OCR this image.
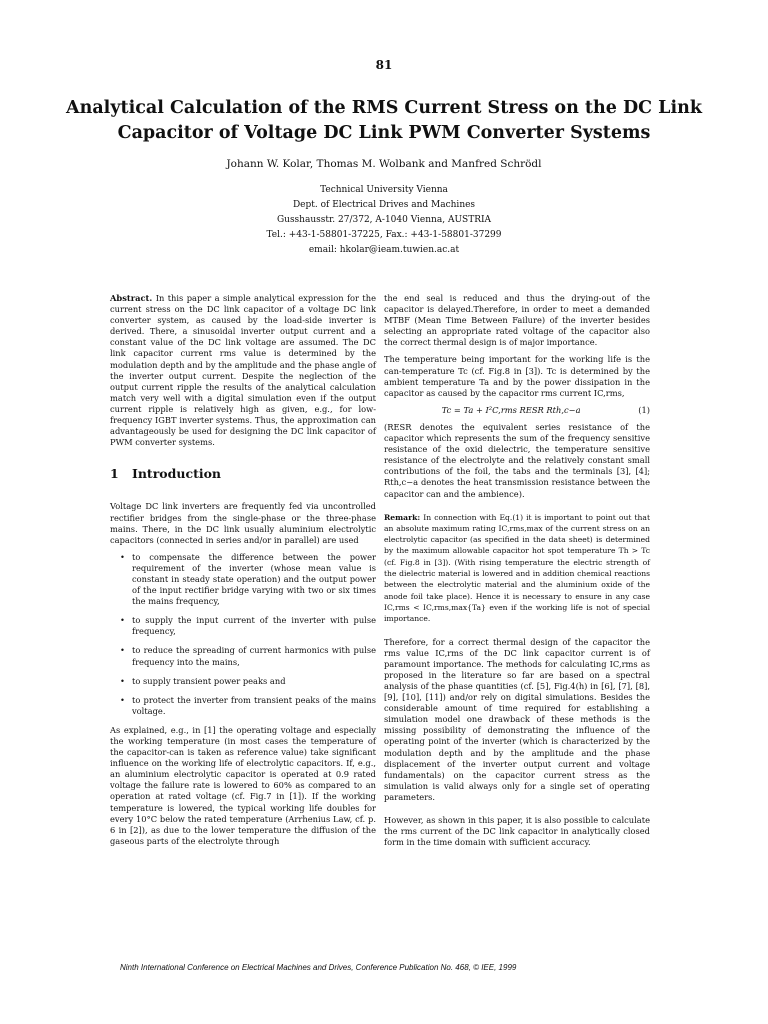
81
Analytical Calculation of the RMS Current Stress on the DC Link
Capacitor of Voltage DC Link PWM Converter Systems
Johann W. Kolar, Thomas M. Wolbank and Manfred Schrödl
Technical University Vienna
Dept. of Electrical Drives and Machines
Gusshausstr. 27/372, A-1040 Vienna, AUSTRIA
Tel.: +43-1-58801-37225, Fax.: +43-1-58801-37299
email: hkolar@ieam.tuwien.ac.at

Abstract. In this paper a simple analytical expression for the current stress on the DC link capacitor of a voltage DC link converter system, as caused by the load-side inverter is derived. There, a sinusoidal inverter output current and a constant value of the DC link voltage are assumed. The DC link capacitor current rms value is determined by the modulation depth and by the amplitude and the phase angle of the inverter output current. Despite the neglection of the output current ripple the results of the analytical calculation match very well with a digital simulation even if the output current ripple is relatively high as given, e.g., for low-frequency IGBT inverter systems. Thus, the approximation can advantageously be used for designing the DC link capacitor of PWM converter systems.

1 Introduction

Voltage DC link inverters are frequently fed via uncontrolled rectifier bridges from the single-phase or the three-phase mains. There, in the DC link usually aluminium electrolytic capacitors (connected in series and/or in parallel) are used

• to compensate the difference between the power requirement of the inverter (whose mean value is constant in steady state operation) and the output power of the input rectifier bridge varying with two or six times the mains frequency,
• to supply the input current of the inverter with pulse frequency,
• to reduce the spreading of current harmonics with pulse frequency into the mains,
• to supply transient power peaks and
• to protect the inverter from transient peaks of the mains voltage.

As explained, e.g., in [1] the operating voltage and especially the working temperature (in most cases the temperature of the capacitor-can is taken as reference value) take significant influence on the working life of electrolytic capacitors. If, e.g., an aluminium electrolytic capacitor is operated at 0.9 rated voltage the failure rate is lowered to 60% as compared to an operation at rated voltage (cf. Fig.7 in [1]). If the working temperature is lowered, the typical working life doubles for every 10°C below the rated temperature (Arrhenius Law, cf. p. 6 in [2]), as due to the lower temperature the diffusion of the gaseous parts of the electrolyte through

the end seal is reduced and thus the drying-out of the capacitor is delayed.Therefore, in order to meet a demanded MTBF (Mean Time Between Failure) of the inverter besides selecting an appropriate rated voltage of the capacitor also the correct thermal design is of major importance.

The temperature being important for the working life is the can-temperature Tc (cf. Fig.8 in [3]). Tc is determined by the ambient temperature Ta and by the power dissipation in the capacitor as caused by the capacitor rms current IC,rms,

Tc = Ta + I²C,rms RESR Rth,c−a	(1)

(RESR denotes the equivalent series resistance of the capacitor which represents the sum of the frequency sensitive resistance of the oxid dielectric, the temperature sensitive resistance of the electrolyte and the relatively constant small contributions of the foil, the tabs and the terminals [3], [4]; Rth,c−a denotes the heat transmission resistance between the capacitor can and the ambience).

Remark: In connection with Eq.(1) it is important to point out that an absolute maximum rating IC,rms,max of the current stress on an electrolytic capacitor (as specified in the data sheet) is determined by the maximum allowable capacitor hot spot temperature Th > Tc (cf. Fig.8 in [3]). (With rising temperature the electric strength of the dielectric material is lowered and in addition chemical reactions between the electrolytic material and the aluminium oxide of the anode foil take place). Hence it is necessary to ensure in any case IC,rms < IC,rms,max{Ta} even if the working life is not of special importance.

Therefore, for a correct thermal design of the capacitor the rms value IC,rms of the DC link capacitor current is of paramount importance. The methods for calculating IC,rms as proposed in the literature so far are based on a spectral analysis of the phase quantities (cf. [5], Fig.4(h) in [6], [7], [8], [9], [10], [11]) and/or rely on digital simulations. Besides the considerable amount of time required for establishing a simulation model one drawback of these methods is the missing possibility of demonstrating the influence of the operating point of the inverter (which is characterized by the modulation depth and by the amplitude and the phase displacement of the inverter output current and voltage fundamentals) on the capacitor current stress as the simulation is valid always only for a single set of operating parameters.

However, as shown in this paper, it is also possible to calculate the rms current of the DC link capacitor in analytically closed form in the time domain with sufficient accuracy.

Ninth International Conference on Electrical Machines and Drives, Conference Publication No. 468, © IEE, 1999
